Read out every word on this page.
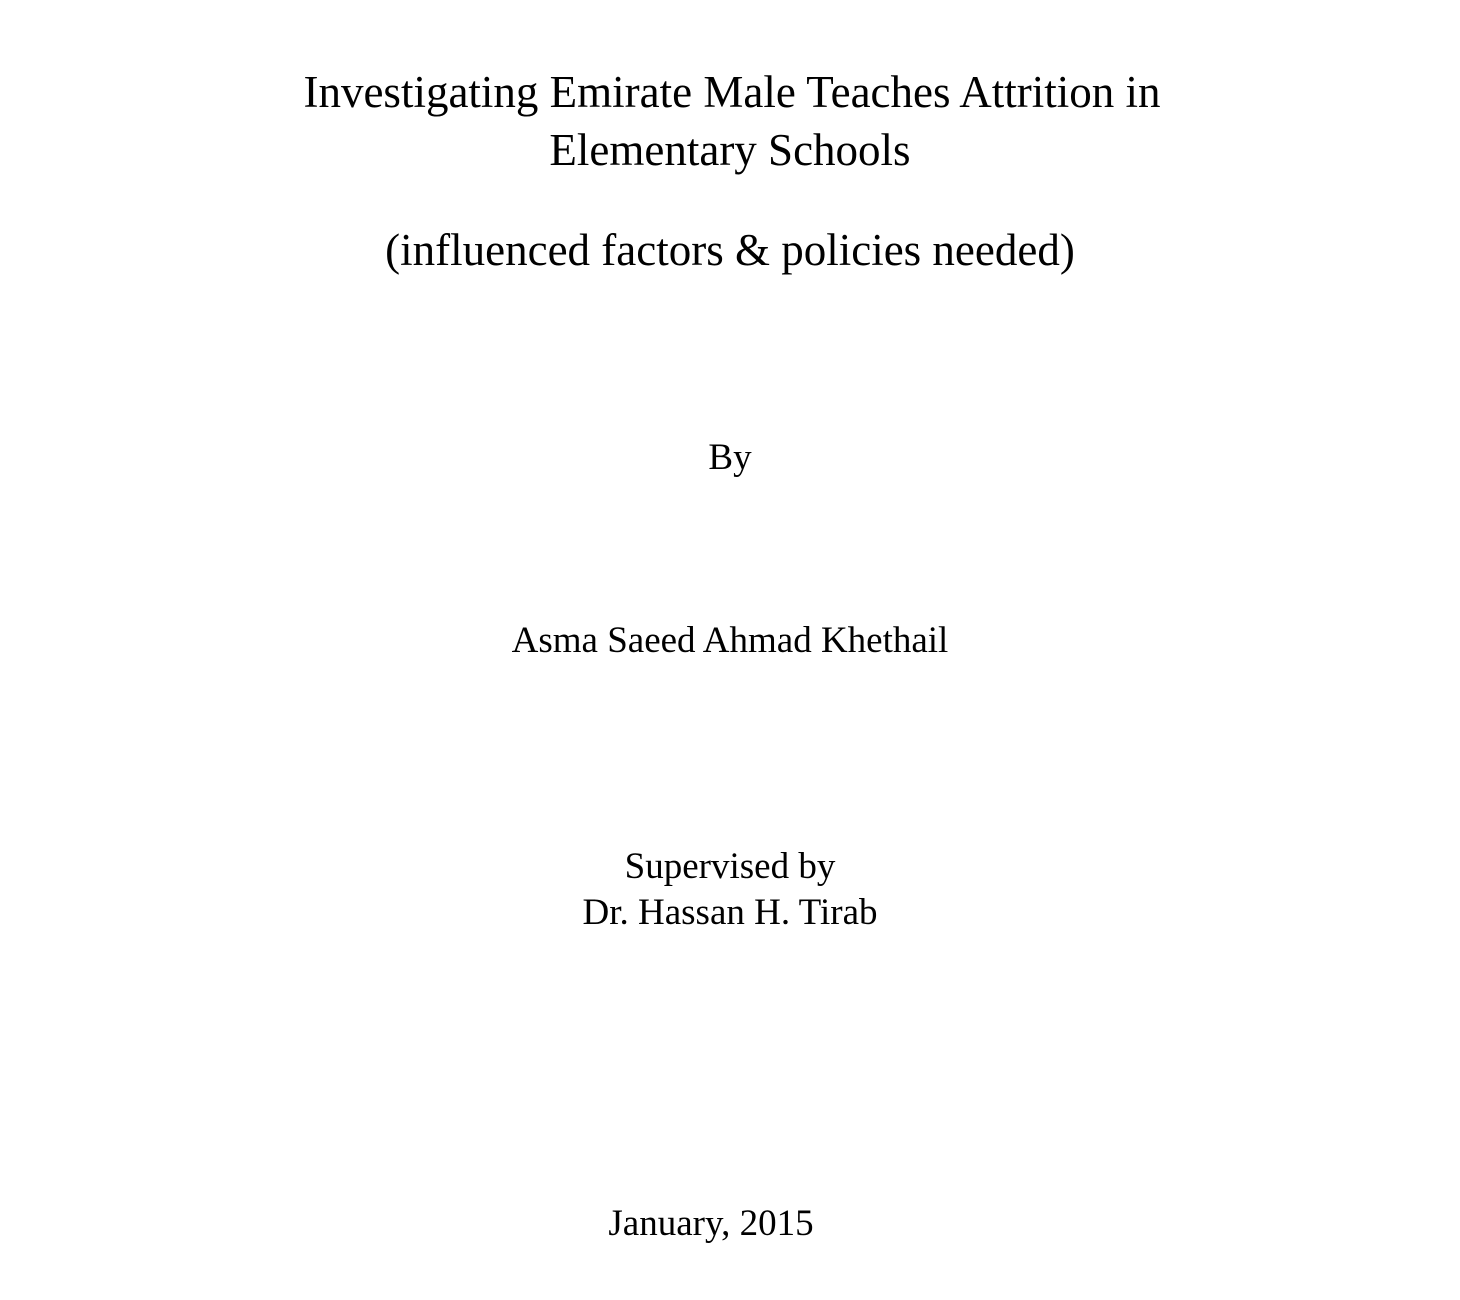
Investigating Emirate Male Teaches Attrition in
Elementary Schools
(influenced factors & policies needed)
By
Asma Saeed Ahmad Khethail
Supervised by
Dr. Hassan H. Tirab
January, 2015
